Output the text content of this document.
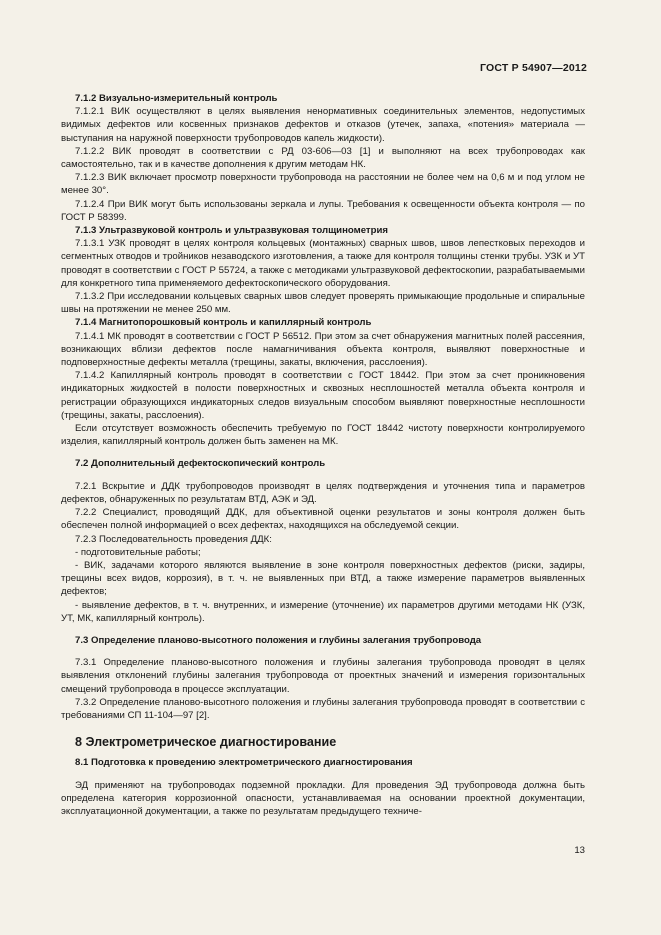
ГОСТ Р 54907—2012

7.1.2 Визуально-измерительный контроль

7.1.2.1 ВИК осуществляют в целях выявления ненормативных соединительных элементов, недопустимых видимых дефектов или косвенных признаков дефектов и отказов (утечек, запаха, «потения» материала — выступания на наружной поверхности трубопроводов капель жидкости).

7.1.2.2 ВИК проводят в соответствии с РД 03-606—03 [1] и выполняют на всех трубопроводах как самостоятельно, так и в качестве дополнения к другим методам НК.

7.1.2.3 ВИК включает просмотр поверхности трубопровода на расстоянии не более чем на 0,6 м и под углом не менее 30°.

7.1.2.4 При ВИК могут быть использованы зеркала и лупы. Требования к освещенности объекта контроля — по ГОСТ Р 58399.

7.1.3 Ультразвуковой контроль и ультразвуковая толщинометрия

7.1.3.1 УЗК проводят в целях контроля кольцевых (монтажных) сварных швов, швов лепестковых переходов и сегментных отводов и тройников незаводского изготовления, а также для контроля толщины стенки трубы. УЗК и УТ проводят в соответствии с ГОСТ Р 55724, а также с методиками ультразвуковой дефектоскопии, разрабатываемыми для конкретного типа применяемого дефектоскопического оборудования.

7.1.3.2 При исследовании кольцевых сварных швов следует проверять примыкающие продольные и спиральные швы на протяжении не менее 250 мм.

7.1.4 Магнитопорошковый контроль и капиллярный контроль

7.1.4.1 МК проводят в соответствии с ГОСТ Р 56512. При этом за счет обнаружения магнитных полей рассеяния, возникающих вблизи дефектов после намагничивания объекта контроля, выявляют поверхностные и подповерхностные дефекты металла (трещины, закаты, включения, расслоения).

7.1.4.2 Капиллярный контроль проводят в соответствии с ГОСТ 18442. При этом за счет проникновения индикаторных жидкостей в полости поверхностных и сквозных несплошностей металла объекта контроля и регистрации образующихся индикаторных следов визуальным способом выявляют поверхностные несплошности (трещины, закаты, расслоения).

Если отсутствует возможность обеспечить требуемую по ГОСТ 18442 чистоту поверхности контролируемого изделия, капиллярный контроль должен быть заменен на МК.

7.2 Дополнительный дефектоскопический контроль

7.2.1 Вскрытие и ДДК трубопроводов производят в целях подтверждения и уточнения типа и параметров дефектов, обнаруженных по результатам ВТД, АЭК и ЭД.

7.2.2 Специалист, проводящий ДДК, для объективной оценки результатов и зоны контроля должен быть обеспечен полной информацией о всех дефектах, находящихся на обследуемой секции.

7.2.3 Последовательность проведения ДДК:

- подготовительные работы;

- ВИК, задачами которого являются выявление в зоне контроля поверхностных дефектов (риски, задиры, трещины всех видов, коррозия), в т. ч. не выявленных при ВТД, а также измерение параметров выявленных дефектов;

- выявление дефектов, в т. ч. внутренних, и измерение (уточнение) их параметров другими методами НК (УЗК, УТ, МК, капиллярный контроль).

7.3 Определение планово-высотного положения и глубины залегания трубопровода

7.3.1 Определение планово-высотного положения и глубины залегания трубопровода проводят в целях выявления отклонений глубины залегания трубопровода от проектных значений и измерения горизонтальных смещений трубопровода в процессе эксплуатации.

7.3.2 Определение планово-высотного положения и глубины залегания трубопровода проводят в соответствии с требованиями СП 11-104—97 [2].

8 Электрометрическое диагностирование

8.1 Подготовка к проведению электрометрического диагностирования

ЭД применяют на трубопроводах подземной прокладки. Для проведения ЭД трубопровода должна быть определена категория коррозионной опасности, устанавливаемая на основании проектной документации, эксплуатационной документации, а также по результатам предыдущего техниче-

13
